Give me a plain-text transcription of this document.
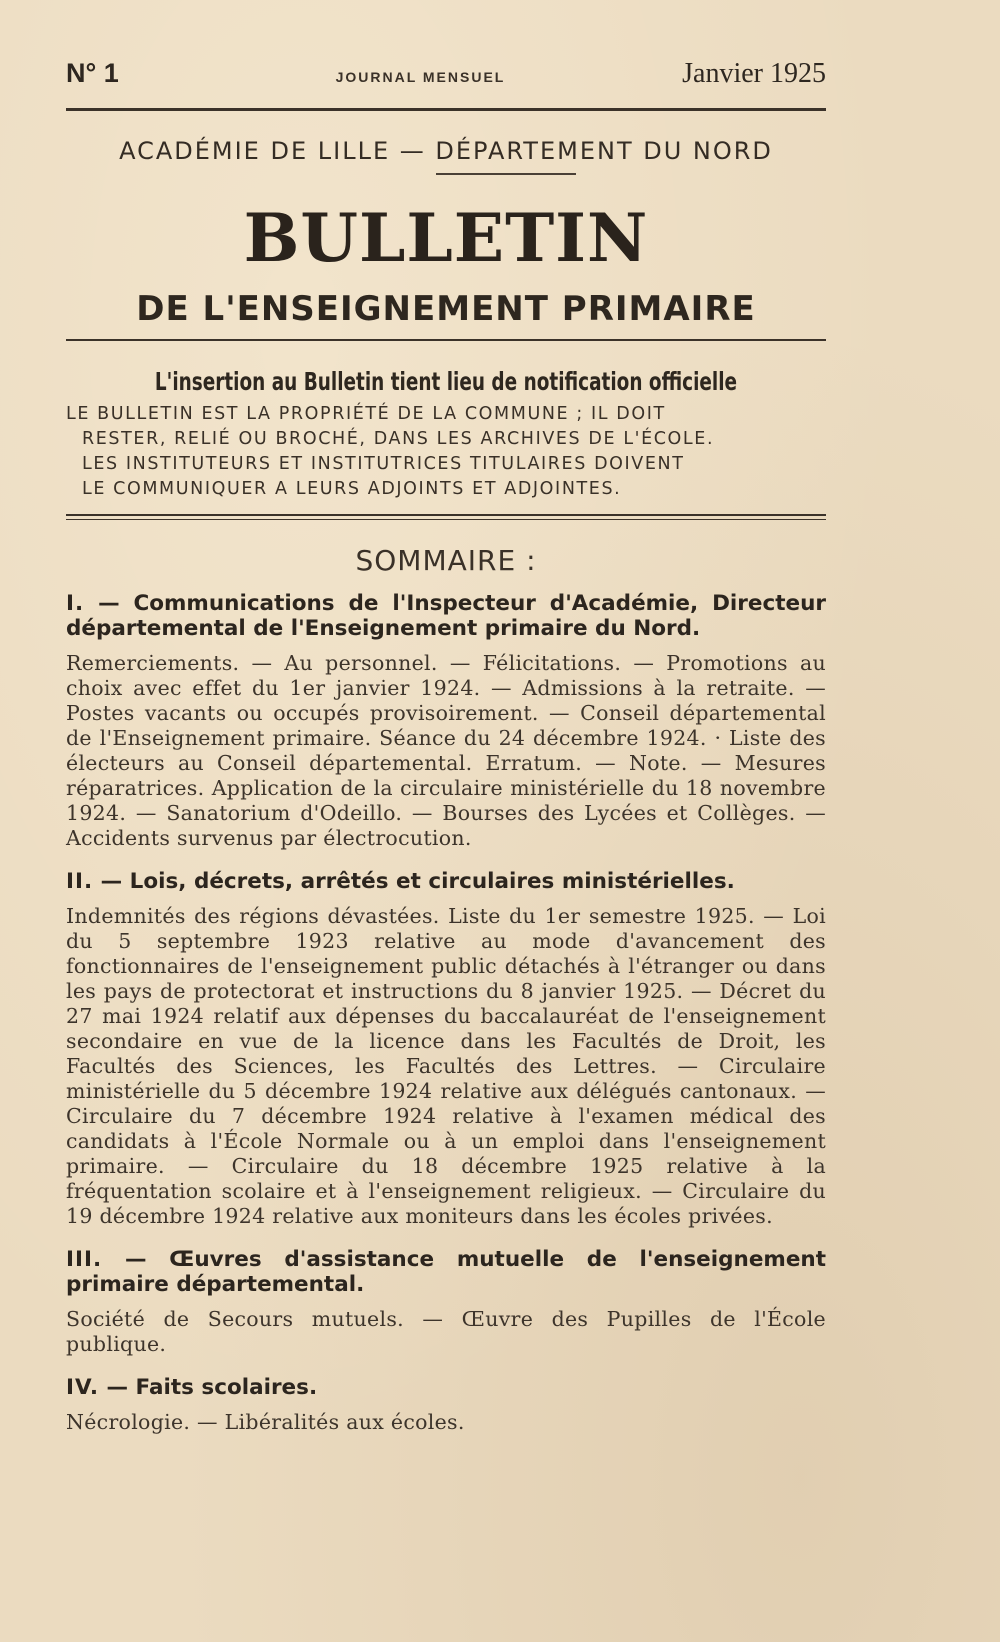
N° 1	JOURNAL MENSUEL	Janvier 1925
ACADÉMIE DE LILLE — DÉPARTEMENT DU NORD
BULLETIN
DE L'ENSEIGNEMENT PRIMAIRE
L'insertion au Bulletin tient lieu de notification officielle

LE BULLETIN EST LA PROPRIÉTÉ DE LA COMMUNE ; IL DOIT

RESTER, RELIÉ OU BROCHÉ, DANS LES ARCHIVES DE L'ÉCOLE.

LES INSTITUTEURS ET INSTITUTRICES TITULAIRES DOIVENT

LE COMMUNIQUER A LEURS ADJOINTS ET ADJOINTES.

SOMMAIRE :
I. — Communications de l'Inspecteur d'Académie, Directeur départemental de l'Enseignement primaire du Nord.
Remerciements. — Au personnel. — Félicitations. — Promotions au choix avec effet du 1er janvier 1924. — Admissions à la retraite. — Postes vacants ou occupés provisoirement. — Conseil départemental de l'Enseignement primaire. Séance du 24 décembre 1924. · Liste des électeurs au Conseil départemental. Erratum. — Note. — Mesures réparatrices. Application de la circulaire ministérielle du 18 novembre 1924. — Sanatorium d'Odeillo. — Bourses des Lycées et Collèges. — Accidents survenus par électrocution.
II. — Lois, décrets, arrêtés et circulaires ministérielles.
Indemnités des régions dévastées. Liste du 1er semestre 1925. — Loi du 5 septembre 1923 relative au mode d'avancement des fonctionnaires de l'enseignement public détachés à l'étranger ou dans les pays de protectorat et instructions du 8 janvier 1925. — Décret du 27 mai 1924 relatif aux dépenses du baccalauréat de l'enseignement secondaire en vue de la licence dans les Facultés de Droit, les Facultés des Sciences, les Facultés des Lettres. — Circulaire ministérielle du 5 décembre 1924 relative aux délégués cantonaux. — Circulaire du 7 décembre 1924 relative à l'examen médical des candidats à l'École Normale ou à un emploi dans l'enseignement primaire. — Circulaire du 18 décembre 1925 relative à la fréquentation scolaire et à l'enseignement religieux. — Circulaire du 19 décembre 1924 relative aux moniteurs dans les écoles privées.
III. — Œuvres d'assistance mutuelle de l'enseignement primaire départemental.
Société de Secours mutuels. — Œuvre des Pupilles de l'École publique.
IV. — Faits scolaires.
Nécrologie. — Libéralités aux écoles.
